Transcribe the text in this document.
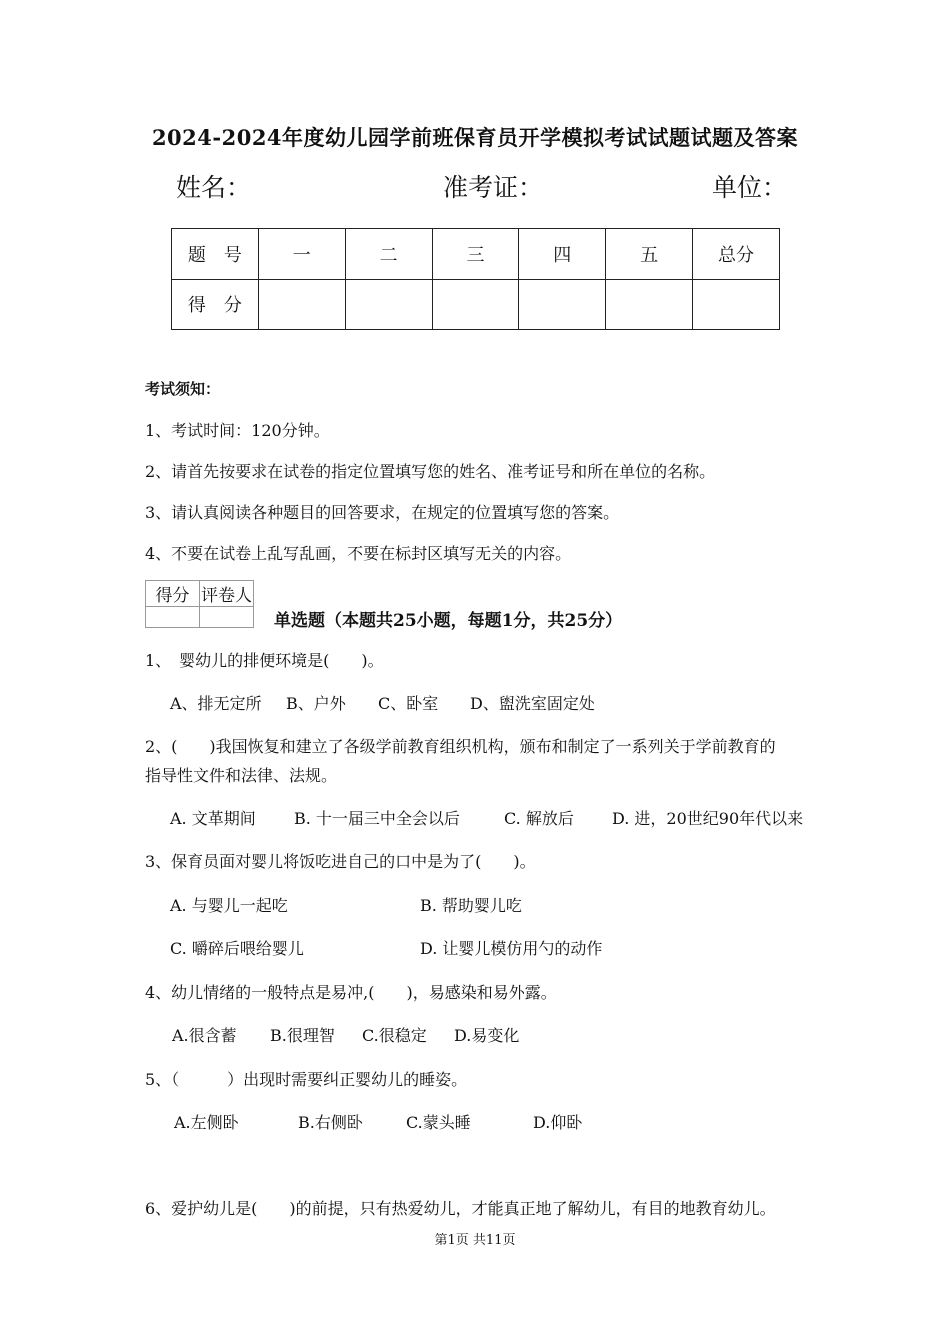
2024-2024年度幼儿园学前班保育员开学模拟考试试题试题及答案
姓名：	准考证：	单位：
题　号	一	二	三	四	五	总分
得　分						
考试须知：
1、考试时间：120分钟。
2、请首先按要求在试卷的指定位置填写您的姓名、准考证号和所在单位的名称。
3、请认真阅读各种题目的回答要求，在规定的位置填写您的答案。
4、不要在试卷上乱写乱画，不要在标封区填写无关的内容。
得分	评卷人

单选题（本题共25小题，每题1分，共25分）
1、　婴幼儿的排便环境是(　　)。
A、排无定所 B、户外 C、卧室 D、盥洗室固定处
2、(　　)我国恢复和建立了各级学前教育组织机构，颁布和制定了一系列关于学前教育的
指导性文件和法律、法规。
A. 文革期间 B. 十一届三中全会以后	C. 解放后 D. 进，20世纪90年代以来
3、保育员面对婴儿将饭吃进自己的口中是为了(　　)。
A. 与婴儿一起吃	B. 帮助婴儿吃
C. 嚼碎后喂给婴儿	D. 让婴儿模仿用勺的动作
4、幼儿情绪的一般特点是易冲,(　　)，易感染和易外露。
A.很含蓄 B.很理智 C.很稳定 D.易变化
5、（　　　）出现时需要纠正婴幼儿的睡姿。
A.左侧卧	B.右侧卧	C.蒙头睡	D.仰卧
6、爱护幼儿是(　　)的前提，只有热爱幼儿，才能真正地了解幼儿，有目的地教育幼儿。
第1页 共11页
